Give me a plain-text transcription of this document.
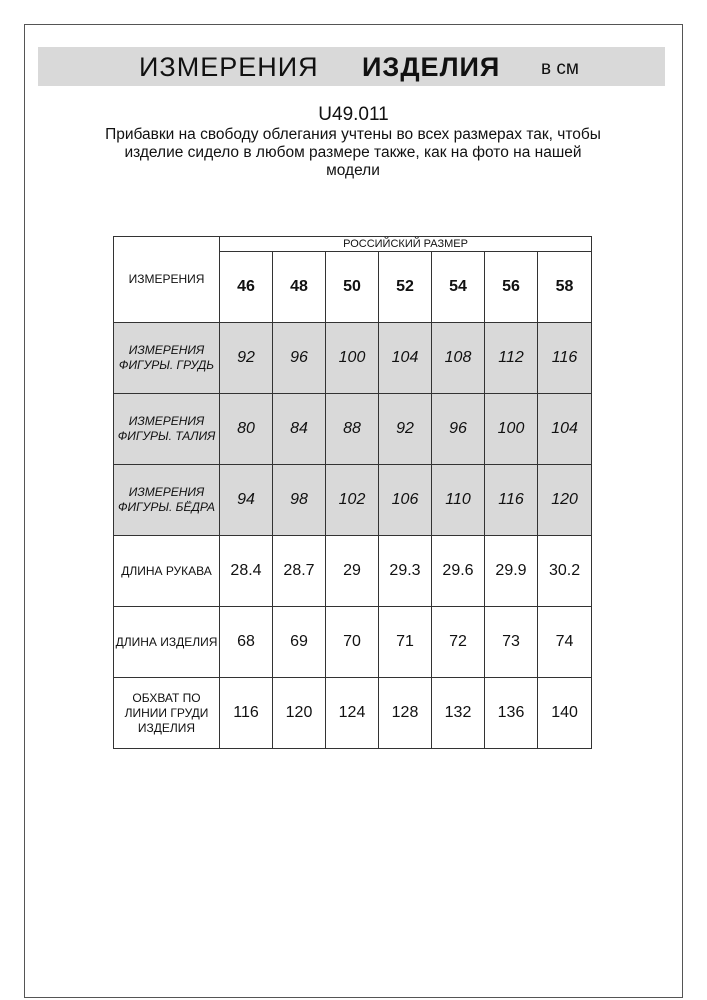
ИЗМЕРЕНИЯ ИЗДЕЛИЯ в см
U49.011
Прибавки на свободу облегания учтены во всех размерах так, чтобы изделие сидело в любом размере также, как на фото на нашей модели
ИЗМЕРЕНИЯ	РОССИЙСКИЙ РАЗМЕР						
	46	48	50	52	54	56	58
ИЗМЕРЕНИЯ ФИГУРЫ. ГРУДЬ	92	96	100	104	108	112	116
ИЗМЕРЕНИЯ ФИГУРЫ. ТАЛИЯ	80	84	88	92	96	100	104
ИЗМЕРЕНИЯ ФИГУРЫ. БЁДРА	94	98	102	106	110	116	120
ДЛИНА РУКАВА	28.4	28.7	29	29.3	29.6	29.9	30.2
ДЛИНА ИЗДЕЛИЯ	68	69	70	71	72	73	74
ОБХВАТ ПО ЛИНИИ ГРУДИ ИЗДЕЛИЯ	116	120	124	128	132	136	140
